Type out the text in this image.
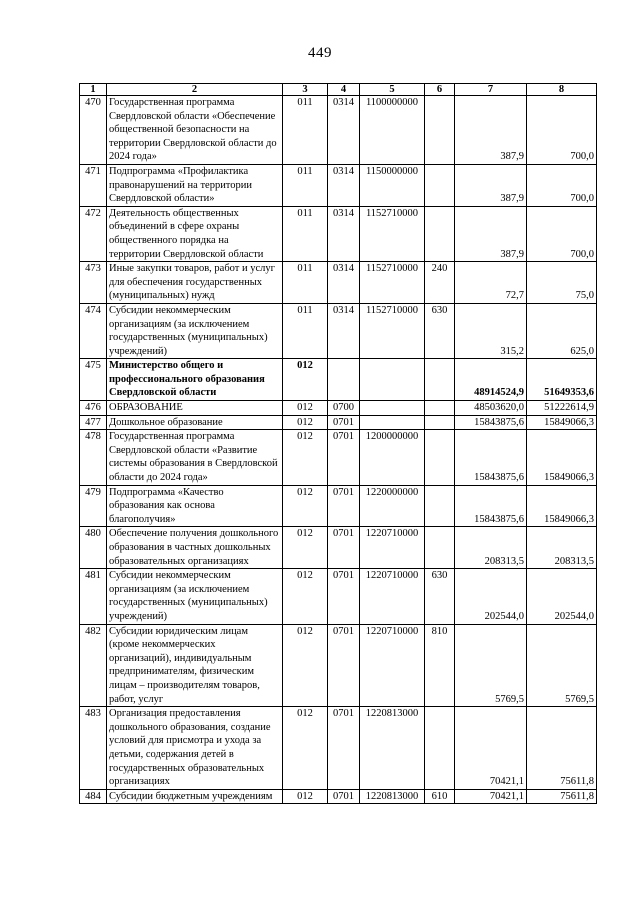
449
1	2	3	4	5	6	7	8
470	Государственная программа Свердловской области «Обеспечение общественной безопасности на территории Свердловской области до 2024 года»	011	0314	1100000000		387,9	700,0
471	Подпрограмма «Профилактика правонарушений на территории Свердловской области»	011	0314	1150000000		387,9	700,0
472	Деятельность общественных объединений в сфере охраны общественного порядка на территории Свердловской области	011	0314	1152710000		387,9	700,0
473	Иные закупки товаров, работ и услуг для обеспечения государственных (муниципальных) нужд	011	0314	1152710000	240	72,7	75,0
474	Субсидии некоммерческим организациям (за исключением государственных (муниципальных) учреждений)	011	0314	1152710000	630	315,2	625,0
475	Министерство общего и профессионального образования Свердловской области	012				48914524,9	51649353,6
476	ОБРАЗОВАНИЕ	012	0700			48503620,0	51222614,9
477	Дошкольное образование	012	0701			15843875,6	15849066,3
478	Государственная программа Свердловской области «Развитие системы образования в Свердловской области до 2024 года»	012	0701	1200000000		15843875,6	15849066,3
479	Подпрограмма «Качество образования как основа благополучия»	012	0701	1220000000		15843875,6	15849066,3
480	Обеспечение получения дошкольного образования в частных дошкольных образовательных организациях	012	0701	1220710000		208313,5	208313,5
481	Субсидии некоммерческим организациям (за исключением государственных (муниципальных) учреждений)	012	0701	1220710000	630	202544,0	202544,0
482	Субсидии юридическим лицам (кроме некоммерческих организаций), индивидуальным предпринимателям, физическим лицам – производителям товаров, работ, услуг	012	0701	1220710000	810	5769,5	5769,5
483	Организация предоставления дошкольного образования, создание условий для присмотра и ухода за детьми, содержания детей в государственных образовательных организациях	012	0701	1220813000		70421,1	75611,8
484	Субсидии бюджетным учреждениям	012	0701	1220813000	610	70421,1	75611,8
